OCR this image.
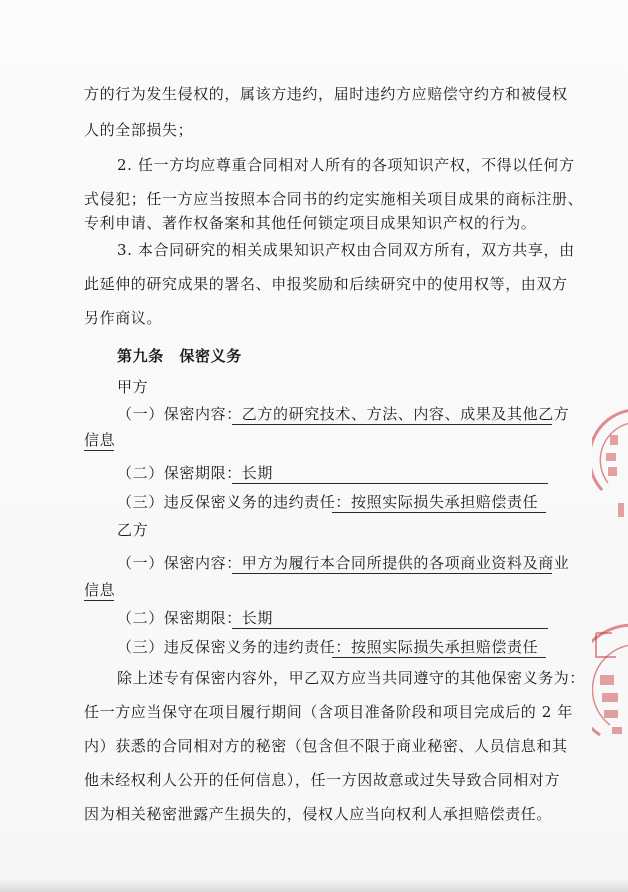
方的行为发生侵权的，属该方违约，届时违约方应赔偿守约方和被侵权
人的全部损失；
2. 任一方均应尊重合同相对人所有的各项知识产权，不得以任何方
式侵犯；任一方应当按照本合同书的约定实施相关项目成果的商标注册、
专利申请、著作权备案和其他任何锁定项目成果知识产权的行为。
3. 本合同研究的相关成果知识产权由合同双方所有，双方共享，由
此延伸的研究成果的署名、申报奖励和后续研究中的使用权等，由双方
另作商议。
第九条　保密义务
甲方
（一）保密内容：乙方的研究技术、方法、内容、成果及其他乙方
信息
（二）保密期限：长期
（三）违反保密义务的违约责任：按照实际损失承担赔偿责任
乙方
（一）保密内容：甲方为履行本合同所提供的各项商业资料及商业
信息
（二）保密期限：长期
（三）违反保密义务的违约责任：按照实际损失承担赔偿责任
除上述专有保密内容外，甲乙双方应当共同遵守的其他保密义务为：
任一方应当保守在项目履行期间（含项目准备阶段和项目完成后的 2 年
内）获悉的合同相对方的秘密（包含但不限于商业秘密、人员信息和其
他未经权利人公开的任何信息），任一方因故意或过失导致合同相对方
因为相关秘密泄露产生损失的，侵权人应当向权利人承担赔偿责任。
